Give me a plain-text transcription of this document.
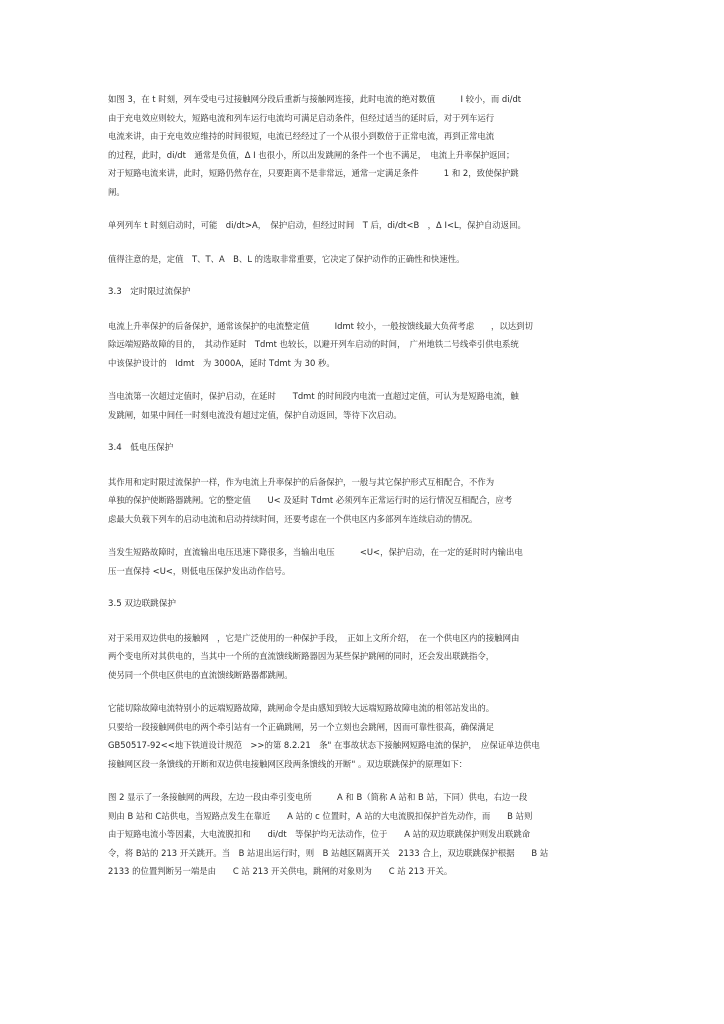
如图 3，在 t 时刻，列车受电弓过接触网分段后重新与接触网连接，此时电流的绝对数值　　　I 较小，而 di/dt
由于充电效应则较大，短路电流和列车运行电流均可满足启动条件，但经过适当的延时后，对于列车运行
电流来讲，由于充电效应维持的时间很短，电流已经经过了一个从很小到数倍于正常电流，再到正常电流
的过程，此时，di/dt　通常是负值，Δ I 也很小，所以出发跳闸的条件一个也不满足，　电流上升率保护返回；
对于短路电流来讲，此时，短路仍然存在，只要距离不是非常远，通常一定满足条件　　　1 和 2，致使保护跳
闸。
单列列车 t 时刻启动时，可能　di/dt>A，　保护启动，但经过时间　T 后，di/dt<B　，Δ I<L，保护自动返回。
值得注意的是，定值　T、T、A　B、L 的选取非常重要，它决定了保护动作的正确性和快速性。
3.3　定时限过流保护
电流上升率保护的后备保护，通常该保护的电流整定值　　　Idmt 较小，一般按馈线最大负荷考虑　　，以达到切
除远端短路故障的目的，　其动作延时　Tdmt 也较长，以避开列车启动的时间，　广州地铁二号线牵引供电系统
中该保护设计的　Idmt　为 3000A，延时 Tdmt 为 30 秒。
当电流第一次超过定值时，保护启动，在延时　　Tdmt 的时间段内电流一直超过定值，可认为是短路电流，触
发跳闸，如果中间任一时刻电流没有超过定值，保护自动返回，等待下次启动。
3.4　低电压保护
其作用和定时限过流保护一样，作为电流上升率保护的后备保护，一般与其它保护形式互相配合，不作为
单独的保护使断路器跳闸。它的整定值　　U< 及延时 Tdmt 必须列车正常运行时的运行情况互相配合，应考
虑最大负载下列车的启动电流和启动持续时间，还要考虑在一个供电区内多部列车连续启动的情况。
当发生短路故障时，直流输出电压迅速下降很多，当输出电压　　　<U<，保护启动，在一定的延时时内输出电
压一直保持 <U<，则低电压保护发出动作信号。
3.5 双边联跳保护
对于采用双边供电的接触网　，它是广泛使用的一种保护手段，　正如上文所介绍，　在一个供电区内的接触网由
两个变电所对其供电的，当其中一个所的直流馈线断路器因为某些保护跳闸的同时，还会发出联跳指令，
使另同一个供电区供电的直流馈线断路器都跳闸。
它能切除故障电流特别小的远端短路故障，跳闸命令是由感知到较大远端短路故障电流的相邻站发出的。
只要给一段接触网供电的两个牵引站有一个正确跳闸，另一个立刻也会跳闸，因而可靠性很高，确保满足
GB50517-92<<地下铁道设计规范　>>的第 8.2.21　条" 在事故状态下接触网短路电流的保护，　应保证单边供电
接触网区段一条馈线的开断和双边供电接触网区段两条馈线的开断" 。双边联跳保护的原理如下：
图 2 显示了一条接触网的两段，左边一段由牵引变电所　　　A 和 B（简称 A 站和 B 站，下同）供电，右边一段
则由 B 站和 C站供电，当短路点发生在靠近　　A 站的 c 位置时，A 站的大电流脱扣保护首先动作，而　　B 站则
由于短路电流小等因素，大电流脱扣和　　di/dt　等保护均无法动作，位于　　A 站的双边联跳保护则发出联跳命
令，将 B站的 213 开关跳开。当　B 站退出运行时，则　B 站越区隔离开关　2133 合上，双边联跳保护根据　　B 站
2133 的位置判断另一端是由　　C 站 213 开关供电，跳闸的对象则为　　C 站 213 开关。
